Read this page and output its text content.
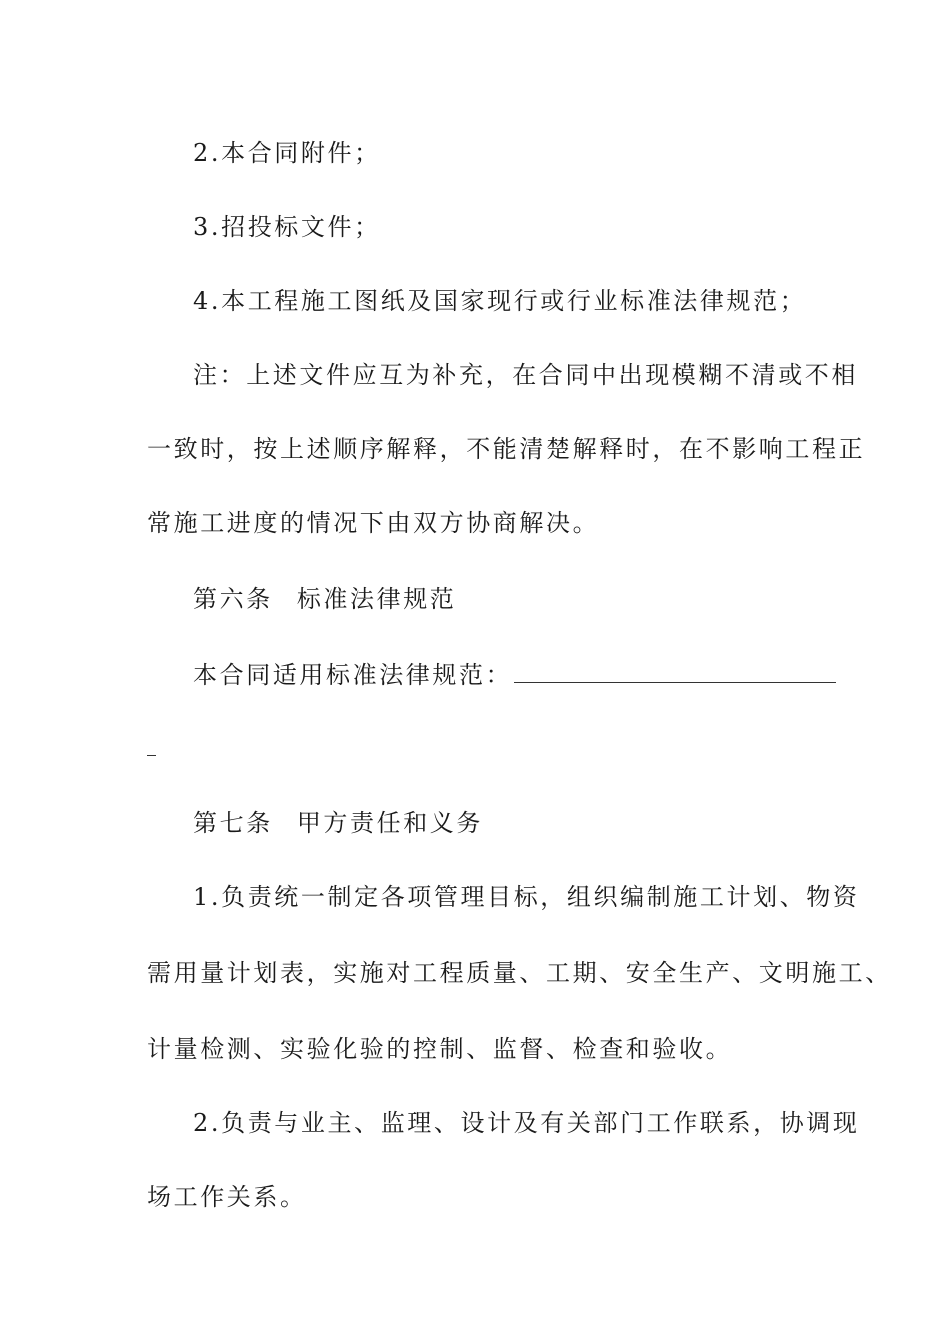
2.本合同附件；
3.招投标文件；
4.本工程施工图纸及国家现行或行业标准法律规范；
注：上述文件应互为补充，在合同中出现模糊不清或不相
一致时，按上述顺序解释，不能清楚解释时，在不影响工程正
常施工进度的情况下由双方协商解决。
第六条 标准法律规范
本合同适用标准法律规范：
第七条 甲方责任和义务
1.负责统一制定各项管理目标，组织编制施工计划、物资
需用量计划表，实施对工程质量、工期、安全生产、文明施工、
计量检测、实验化验的控制、监督、检查和验收。
2.负责与业主、监理、设计及有关部门工作联系，协调现
场工作关系。
